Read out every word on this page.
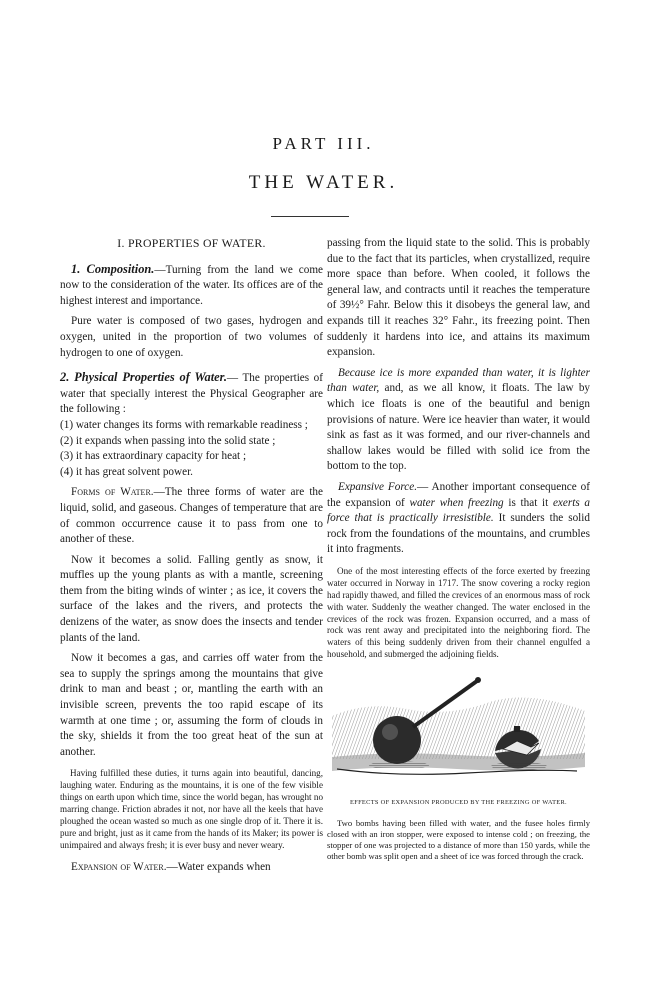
PART III.
THE WATER.
I. PROPERTIES OF WATER.

1. Composition.—Turning from the land we come now to the consideration of the water. Its offices are of the highest interest and importance.

Pure water is composed of two gases, hydrogen and oxygen, united in the proportion of two volumes of hydrogen to one of oxygen.

2. Physical Properties of Water.— The properties of water that specially interest the Physical Geographer are the following :

(1) water changes its forms with remarkable readiness ;
(2) it expands when passing into the solid state ;
(3) it has extraordinary capacity for heat ;
(4) it has great solvent power.

Forms of Water.—The three forms of water are the liquid, solid, and gaseous. Changes of temperature that are of common occurrence cause it to pass from one to another of these.

Now it becomes a solid. Falling gently as snow, it muffles up the young plants as with a mantle, screening them from the biting winds of winter ; as ice, it covers the surface of the lakes and the rivers, and protects the denizens of the water, as snow does the insects and tender plants of the land.

Now it becomes a gas, and carries off water from the sea to supply the springs among the mountains that give drink to man and beast ; or, mantling the earth with an invisible screen, prevents the too rapid escape of its warmth at one time ; or, assuming the form of clouds in the sky, shields it from the too great heat of the sun at another.

Having fulfilled these duties, it turns again into beautiful, dancing, laughing water. Enduring as the mountains, it is one of the few visible things on earth upon which time, since the world began, has wrought no marring change. Friction abrades it not, nor have all the keels that have ploughed the ocean wasted so much as one single drop of it. There it is. pure and bright, just as it came from the hands of its Maker; its power is unimpaired and always fresh; it is ever busy and never weary.

Expansion of Water.—Water expands when

passing from the liquid state to the solid. This is probably due to the fact that its particles, when crystallized, require more space than before. When cooled, it follows the general law, and contracts until it reaches the temperature of 39½° Fahr. Below this it disobeys the general law, and expands till it reaches 32° Fahr., its freezing point. Then suddenly it hardens into ice, and attains its maximum expansion.

Because ice is more expanded than water, it is lighter than water, and, as we all know, it floats. The law by which ice floats is one of the beautiful and benign provisions of nature. Were ice heavier than water, it would sink as fast as it was formed, and our river-channels and shallow lakes would be filled with solid ice from the bottom to the top.

Expansive Force.— Another important consequence of the expansion of water when freezing is that it exerts a force that is practically irresistible. It sunders the solid rock from the foundations of the mountains, and crumbles it into fragments.

One of the most interesting effects of the force exerted by freezing water occurred in Norway in 1717. The snow covering a rocky region had rapidly thawed, and filled the crevices of an enormous mass of rock with water. Suddenly the weather changed. The water enclosed in the crevices of the rock was frozen. Expansion occurred, and a mass of rock was rent away and precipitated into the neighboring fiord. The waters of this being suddenly driven from their channel engulfed a household, and submerged the adjoining fields.
EFFECTS OF EXPANSION PRODUCED BY THE FREEZING OF WATER.
Two bombs having been filled with water, and the fusee holes firmly closed with an iron stopper, were exposed to intense cold ; on freezing, the stopper of one was projected to a distance of more than 150 yards, while the other bomb was split open and a sheet of ice was forced through the crack.
